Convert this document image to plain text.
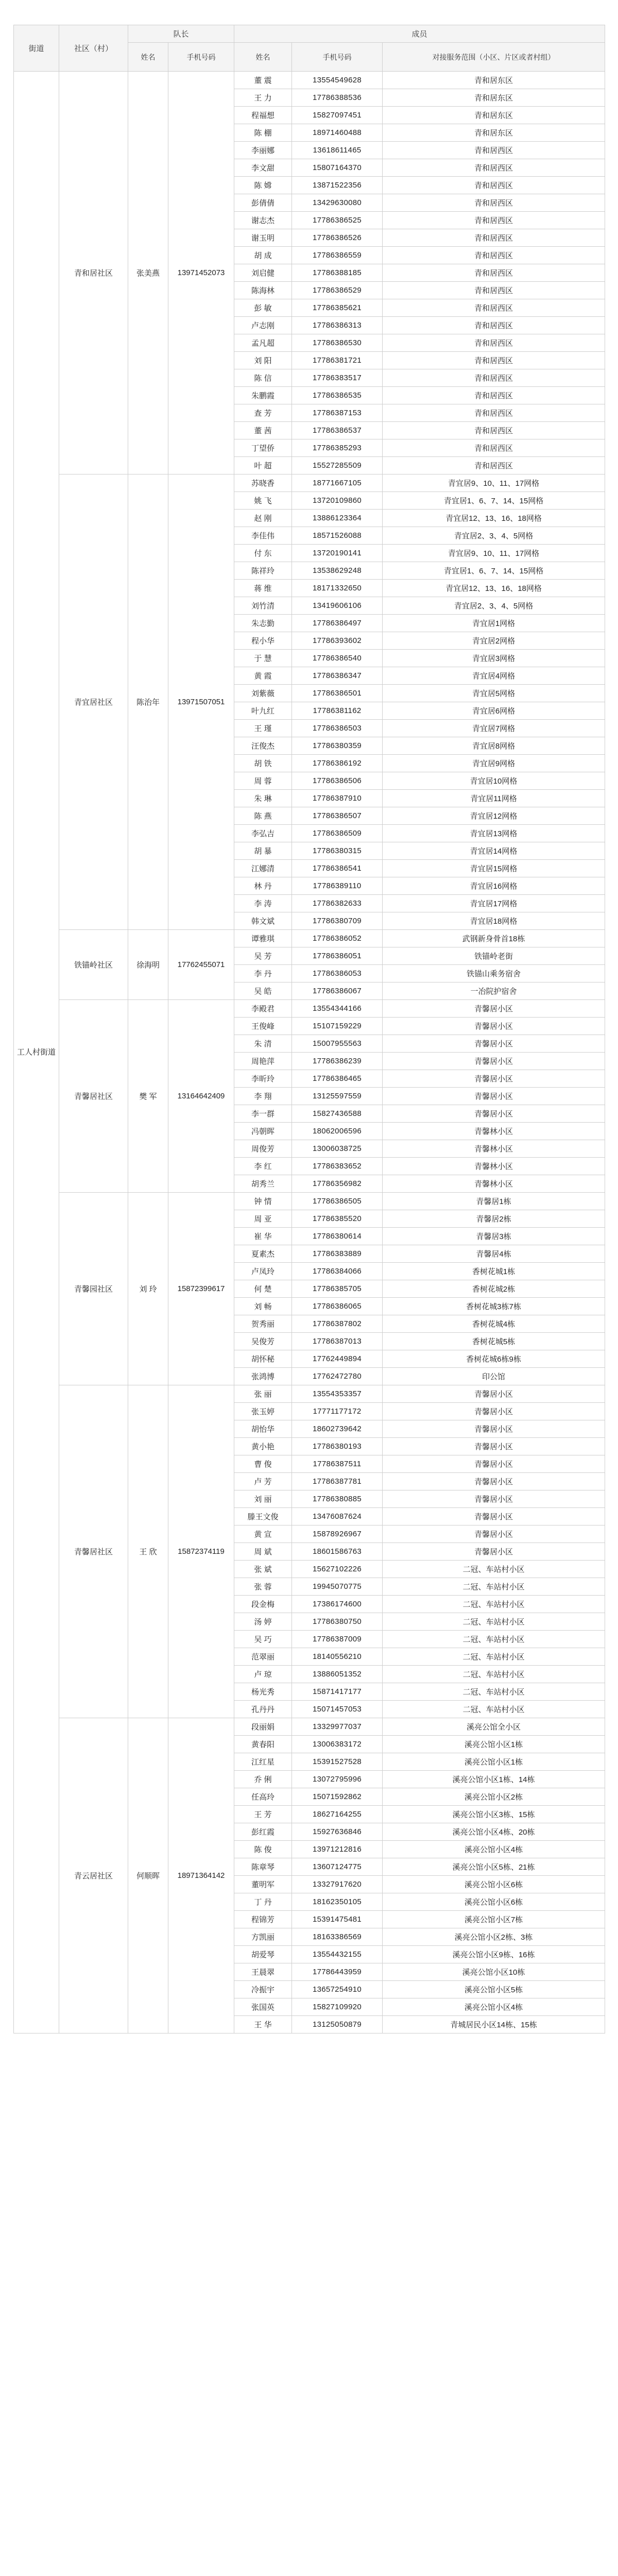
街道	社区（村）	队长		成员		
		姓名	手机号码	姓名	手机号码	对接服务范围（小区、片区或者村组）
工人村街道	青和居社区	张美燕	13971452073	董 震	13554549628	青和居东区
				王 力	17786388536	青和居东区
				程福想	15827097451	青和居东区
				陈 棚	18971460488	青和居东区
				李丽娜	13618611465	青和居西区
				李文甜	15807164370	青和居西区
				陈 嫦	13871522356	青和居西区
				彭倩倩	13429630080	青和居西区
				谢志杰	17786386525	青和居西区
				谢玉明	17786386526	青和居西区
				胡 成	17786386559	青和居西区
				刘启健	17786388185	青和居西区
				陈海林	17786386529	青和居西区
				彭 敏	17786385621	青和居西区
				卢志刚	17786386313	青和居西区
				孟凡超	17786386530	青和居西区
				刘 阳	17786381721	青和居西区
				陈 信	17786383517	青和居西区
				朱鹏霞	17786386535	青和居西区
				查 芳	17786387153	青和居西区
				董 茜	17786386537	青和居西区
				丁望侨	17786385293	青和居西区
				叶 超	15527285509	青和居西区
	青宜居社区	陈治年	13971507051	苏晓香	18771667105	青宜居9、10、11、17网格
				姚 飞	13720109860	青宜居1、6、7、14、15网格
				赵 刚	13886123364	青宜居12、13、16、18网格
				李佳伟	18571526088	青宜居2、3、4、5网格
				付 东	13720190141	青宜居9、10、11、17网格
				陈祥玲	13538629248	青宜居1、6、7、14、15网格
				蒋 维	18171332650	青宜居12、13、16、18网格
				刘竹清	13419606106	青宜居2、3、4、5网格
				朱志勤	17786386497	青宜居1网格
				程小华	17786393602	青宜居2网格
				于 慧	17786386540	青宜居3网格
				黄 霞	17786386347	青宜居4网格
				刘紫薇	17786386501	青宜居5网格
				叶九红	17786381162	青宜居6网格
				王 瑾	17786386503	青宜居7网格
				汪俊杰	17786380359	青宜居8网格
				胡 铁	17786386192	青宜居9网格
				周 蓉	17786386506	青宜居10网格
				朱 琳	17786387910	青宜居11网格
				陈 燕	17786386507	青宜居12网格
				李弘吉	17786386509	青宜居13网格
				胡 暴	17786380315	青宜居14网格
				江娜清	17786386541	青宜居15网格
				林 丹	17786389110	青宜居16网格
				李 涛	17786382633	青宜居17网格
				韩文斌	17786380709	青宜居18网格
	铁锚岭社区	徐海明	17762455071	谭雅琪	17786386052	武钢新身骨首18栋
				吴 芳	17786386051	铁锚岭老街
				李 丹	17786386053	铁锚山乘务宿舍
				吴 皓	17786386067	一冶院护宿舍
	青馨居社区	樊 军	13164642409	李殿君	13554344166	青馨居小区
				王俊峰	15107159229	青馨居小区
				朱 清	15007955563	青馨居小区
				周艳萍	17786386239	青馨居小区
				李昕玲	17786386465	青馨居小区
				李 翔	13125597559	青馨居小区
				李一群	15827436588	青馨居小区
				冯朝晖	18062006596	青馨林小区
				周俊芳	13006038725	青馨林小区
				李 红	17786383652	青馨林小区
				胡秀兰	17786356982	青馨林小区
	青馨园社区	刘 玲	15872399617	钟 情	17786386505	青馨居1栋
				周 亚	17786385520	青馨居2栋
				崔 华	17786380614	青馨居3栋
				夏素杰	17786383889	青馨居4栋
				卢凤玲	17786384066	香树花城1栋
				何 楚	17786385705	香树花城2栋
				刘 畅	17786386065	香树花城3栋7栋
				贺秀丽	17786387802	香树花城4栋
				吴俊芳	17786387013	香树花城5栋
				胡怀秘	17762449894	香树花城6栋9栋
				张鸿博	17762472780	印公馆
	青馨居社区	王 欣	15872374119	张 丽	13554353357	青馨居小区
				张玉婷	17771177172	青馨居小区
				胡怡华	18602739642	青馨居小区
				黄小艳	17786380193	青馨居小区
				曹 俊	17786387511	青馨居小区
				卢 芳	17786387781	青馨居小区
				刘 丽	17786380885	青馨居小区
				滕王文俊	13476087624	青馨居小区
				黄 宣	15878926967	青馨居小区
				周 斌	18601586763	青馨居小区
				张 斌	15627102226	二冠、车站村小区
				张 蓉	19945070775	二冠、车站村小区
				段金梅	17386174600	二冠、车站村小区
				汤 婷	17786380750	二冠、车站村小区
				吴 巧	17786387009	二冠、车站村小区
				范翠丽	18140556210	二冠、车站村小区
				卢 琼	13886051352	二冠、车站村小区
				杨光秀	15871417177	二冠、车站村小区
				孔丹丹	15071457053	二冠、车站村小区
	青云居社区	何顺晖	18971364142	段丽娟	13329977037	溪亮公馆全小区
				黄春阳	13006383172	溪亮公馆小区1栋
				江红星	15391527528	溪亮公馆小区1栋
				乔 俐	13072795996	溪亮公馆小区1栋、14栋
				任高玲	15071592862	溪亮公馆小区2栋
				王 芳	18627164255	溪亮公馆小区3栋、15栋
				彭红霞	15927636846	溪亮公馆小区4栋、20栋
				陈 俊	13971212816	溪亮公馆小区4栋
				陈章琴	13607124775	溪亮公馆小区5栋、21栋
				董明军	13327917620	溪亮公馆小区6栋
				丁 丹	18162350105	溪亮公馆小区6栋
				程锦芳	15391475481	溪亮公馆小区7栋
				方凯丽	18163386569	溪亮公馆小区2栋、3栋
				胡爱琴	13554432155	溪亮公馆小区9栋、16栋
				王晨翠	17786443959	溪亮公馆小区10栋
				冷振宇	13657254910	溪亮公馆小区5栋
				张国英	15827109920	溪亮公馆小区4栋
				王 华	13125050879	青城居民小区14栋、15栋
